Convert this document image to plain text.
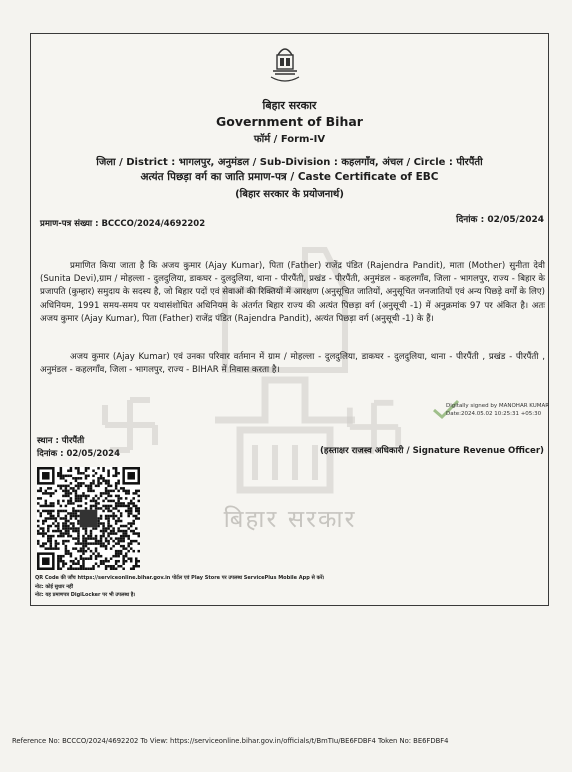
बिहार सरकार
Government of Bihar
फॉर्म / Form-IV
जिला / District : भागलपुर, अनुमंडल / Sub-Division : कहलगाँव, अंचल / Circle : पीरपैंती
अत्यंत पिछड़ा वर्ग का जाति प्रमाण-पत्र / Caste Certificate of EBC
(बिहार सरकार के प्रयोजनार्थ)
बिहार सरकार
प्रमाण-पत्र संख्या : BCCCO/2024/4692202	दिनांक : 02/05/2024

प्रमाणित किया जाता है कि अजय कुमार (Ajay Kumar), पिता (Father) राजेंद्र पंडित (Rajendra Pandit), माता (Mother) सुनीता देवी (Sunita Devi),ग्राम / मोहल्ला - दुलदुलिया, डाकघर - दुलदुलिया, थाना - पीरपैंती, प्रखंड - पीरपैंती, अनुमंडल - कहलगाँव, जिला - भागलपुर, राज्य - बिहार के प्रजापति (कुम्हार) समुदाय के सदस्य है, जो बिहार पदों एवं सेवाओं की रिक्तियों में आरक्षण (अनुसूचित जातियों, अनुसूचित जनजातियों एवं अन्य पिछड़े वर्गों के लिए) अधिनियम, 1991 समय-समय पर यथासंशोधित अधिनियम के अंतर्गत बिहार राज्य की अत्यंत पिछड़ा वर्ग (अनुसूची -1) में अनुक्रमांक 97 पर अंकित है। अतः अजय कुमार (Ajay Kumar), पिता (Father) राजेंद्र पंडित (Rajendra Pandit), अत्यंत पिछड़ा वर्ग (अनुसूची -1) के हैं।

अजय कुमार (Ajay Kumar) एवं उनका परिवार वर्तमान में ग्राम / मोहल्ला - दुलदुलिया, डाकघर - दुलदुलिया, थाना - पीरपैंती , प्रखंड - पीरपैंती , अनुमंडल - कहलगाँव, जिला - भागलपुर, राज्य - BIHAR में निवास करता है।

Digitally signed by MANOHAR KUMAR
Date:2024.05.02 10:25:31 +05:30
स्थान : पीरपैंती
दिनांक : 02/05/2024	(हस्ताक्षर राजस्व अधिकारी / Signature Revenue Officer)
QR Code की जाँच https://serviceonline.bihar.gov.in पोर्टल एवं Play Store पर उपलब्ध ServicePlus Mobile App से करें।
नोट: कोई सुधार नहीं
नोट: यह प्रमाणपत्र DigiLocker पर भी उपलब्ध है।
Reference No: BCCCO/2024/4692202 To View: https://serviceonline.bihar.gov.in/officials/t/BmTIu/BE6FDBF4 Token No: BE6FDBF4
